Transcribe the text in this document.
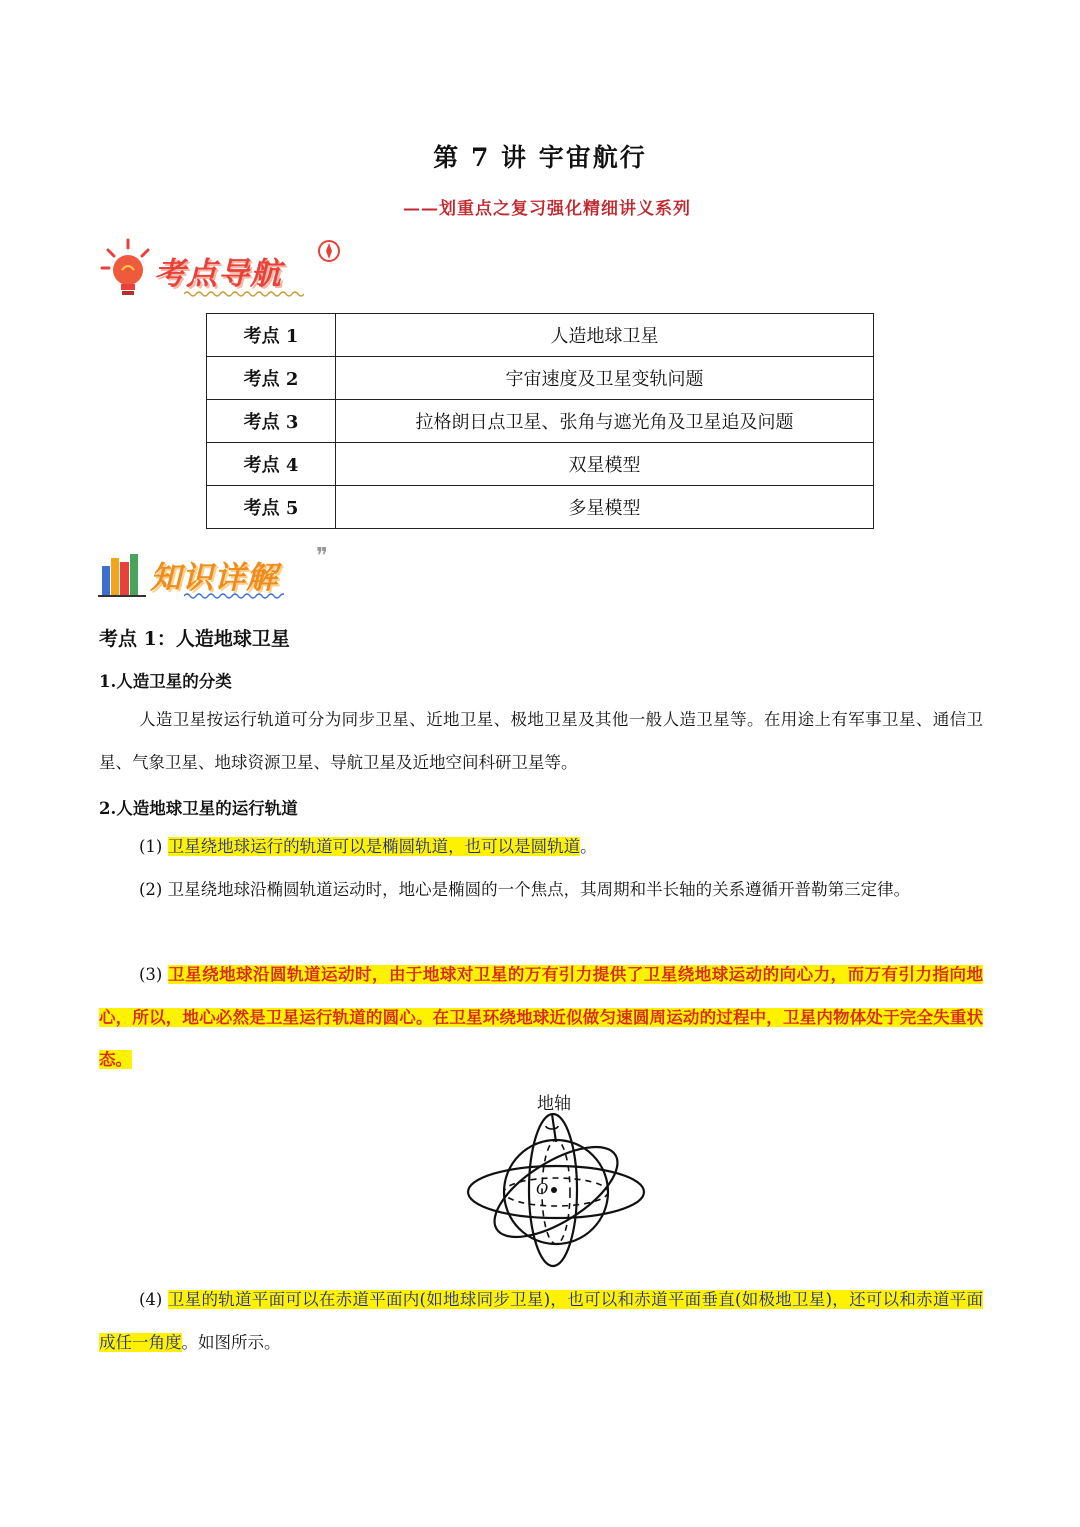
第 7 讲 宇宙航行
——划重点之复习强化精细讲义系列
考点导航
考点 1	人造地球卫星
考点 2	宇宙速度及卫星变轨问题
考点 3	拉格朗日点卫星、张角与遮光角及卫星追及问题
考点 4	双星模型
考点 5	多星模型
知识详解
❞
考点 1：人造地球卫星
1.人造卫星的分类
人造卫星按运行轨道可分为同步卫星、近地卫星、极地卫星及其他一般人造卫星等。在用途上有军事卫星、通信卫星、气象卫星、地球资源卫星、导航卫星及近地空间科研卫星等。
2.人造地球卫星的运行轨道
(1) 卫星绕地球运行的轨道可以是椭圆轨道，也可以是圆轨道。
(2) 卫星绕地球沿椭圆轨道运动时，地心是椭圆的一个焦点，其周期和半长轴的关系遵循开普勒第三定律。
(3) 卫星绕地球沿圆轨道运动时，由于地球对卫星的万有引力提供了卫星绕地球运动的向心力，而万有引力指向地心，所以，地心必然是卫星运行轨道的圆心。在卫星环绕地球近似做匀速圆周运动的过程中，卫星内物体处于完全失重状态。
地轴
O
(4) 卫星的轨道平面可以在赤道平面内(如地球同步卫星)，也可以和赤道平面垂直(如极地卫星)，还可以和赤道平面成任一角度。如图所示。
